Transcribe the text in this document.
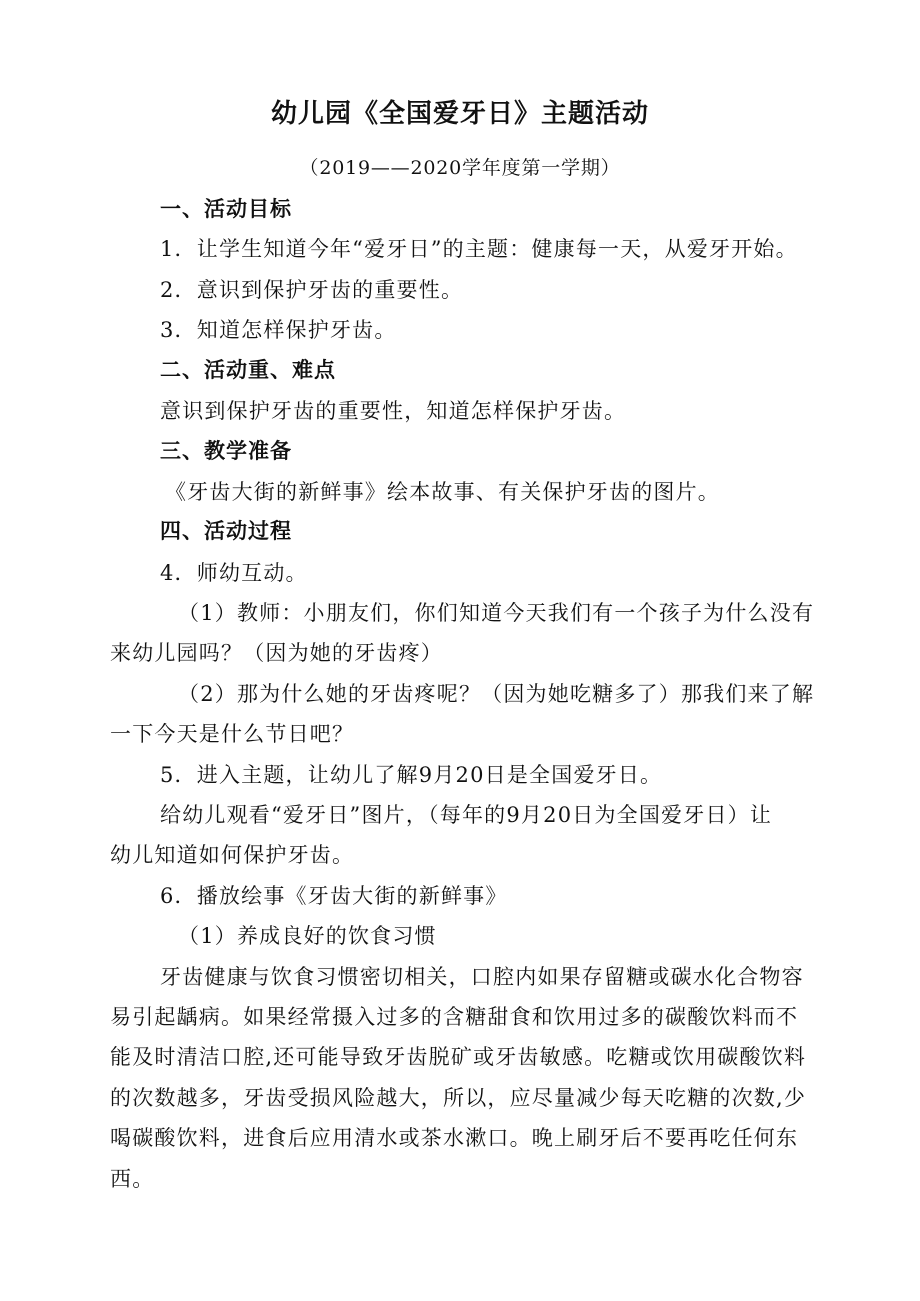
幼儿园《全国爱牙日》主题活动
（2019——2020学年度第一学期）
一、活动目标
1．让学生知道今年“爱牙日”的主题：健康每一天，从爱牙开始。
2．意识到保护牙齿的重要性。
3．知道怎样保护牙齿。
二、活动重、难点
意识到保护牙齿的重要性，知道怎样保护牙齿。
三、教学准备
《牙齿大街的新鲜事》绘本故事、有关保护牙齿的图片。
四、活动过程
4．师幼互动。
（1）教师：小朋友们，你们知道今天我们有一个孩子为什么没有
来幼儿园吗？（因为她的牙齿疼）
（2）那为什么她的牙齿疼呢？（因为她吃糖多了）那我们来了解
一下今天是什么节日吧？
5．进入主题，让幼儿了解9月20日是全国爱牙日。
给幼儿观看“爱牙日”图片，（每年的9月20日为全国爱牙日）让
幼儿知道如何保护牙齿。
6．播放绘事《牙齿大街的新鲜事》
（1）养成良好的饮食习惯
牙齿健康与饮食习惯密切相关，口腔内如果存留糖或碳水化合物容
易引起龋病。如果经常摄入过多的含糖甜食和饮用过多的碳酸饮料而不
能及时清洁口腔,还可能导致牙齿脱矿或牙齿敏感。吃糖或饮用碳酸饮料
的次数越多，牙齿受损风险越大，所以，应尽量减少每天吃糖的次数,少
喝碳酸饮料，进食后应用清水或茶水漱口。晚上刷牙后不要再吃任何东
西。
